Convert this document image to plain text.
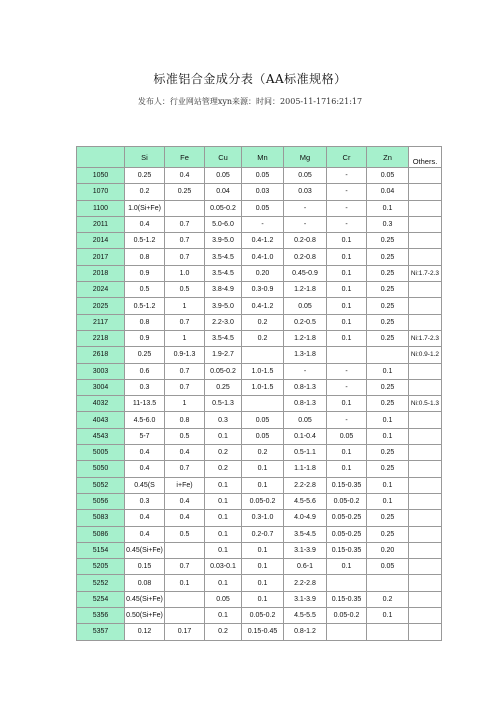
标准铝合金成分表（AA标准规格）
发布人：行业网站管理xyn来源：时间：2005-11-1716:21:17
	Si	Fe	Cu	Mn	Mg	Cr	Zn	Others.
1050	0.25	0.4	0.05	0.05	0.05	-	0.05	
1070	0.2	0.25	0.04	0.03	0.03	-	0.04	
1100	1.0(Si+Fe)		0.05-0.2	0.05	-	-	0.1	
2011	0.4	0.7	5.0-6.0	-	-	-	0.3	
2014	0.5-1.2	0.7	3.9-5.0	0.4-1.2	0.2-0.8	0.1	0.25	
2017	0.8	0.7	3.5-4.5	0.4-1.0	0.2-0.8	0.1	0.25	
2018	0.9	1.0	3.5-4.5	0.20	0.45-0.9	0.1	0.25	Ni:1.7-2.3
2024	0.5	0.5	3.8-4.9	0.3-0.9	1.2-1.8	0.1	0.25	
2025	0.5-1.2	1	3.9-5.0	0.4-1.2	0.05	0.1	0.25	
2117	0.8	0.7	2.2-3.0	0.2	0.2-0.5	0.1	0.25	
2218	0.9	1	3.5-4.5	0.2	1.2-1.8	0.1	0.25	Ni:1.7-2.3
2618	0.25	0.9-1.3	1.9-2.7		1.3-1.8			Ni:0.9-1.2
3003	0.6	0.7	0.05-0.2	1.0-1.5	-	-	0.1	
3004	0.3	0.7	0.25	1.0-1.5	0.8-1.3	-	0.25	
4032	11-13.5	1	0.5-1.3		0.8-1.3	0.1	0.25	Ni:0.5-1.3
4043	4.5-6.0	0.8	0.3	0.05	0.05	-	0.1	
4543	5-7	0.5	0.1	0.05	0.1-0.4	0.05	0.1	
5005	0.4	0.4	0.2	0.2	0.5-1.1	0.1	0.25	
5050	0.4	0.7	0.2	0.1	1.1-1.8	0.1	0.25	
5052	0.45(S	i+Fe)	0.1	0.1	2.2-2.8	0.15-0.35	0.1	
5056	0.3	0.4	0.1	0.05-0.2	4.5-5.6	0.05-0.2	0.1	
5083	0.4	0.4	0.1	0.3-1.0	4.0-4.9	0.05-0.25	0.25	
5086	0.4	0.5	0.1	0.2-0.7	3.5-4.5	0.05-0.25	0.25	
5154	0.45(Si+Fe)		0.1	0.1	3.1-3.9	0.15-0.35	0.20	
5205	0.15	0.7	0.03-0.1	0.1	0.6-1	0.1	0.05	
5252	0.08	0.1	0.1	0.1	2.2-2.8			
5254	0.45(Si+Fe)		0.05	0.1	3.1-3.9	0.15-0.35	0.2	
5356	0.50(Si+Fe)		0.1	0.05-0.2	4.5-5.5	0.05-0.2	0.1	
5357	0.12	0.17	0.2	0.15-0.45	0.8-1.2			
